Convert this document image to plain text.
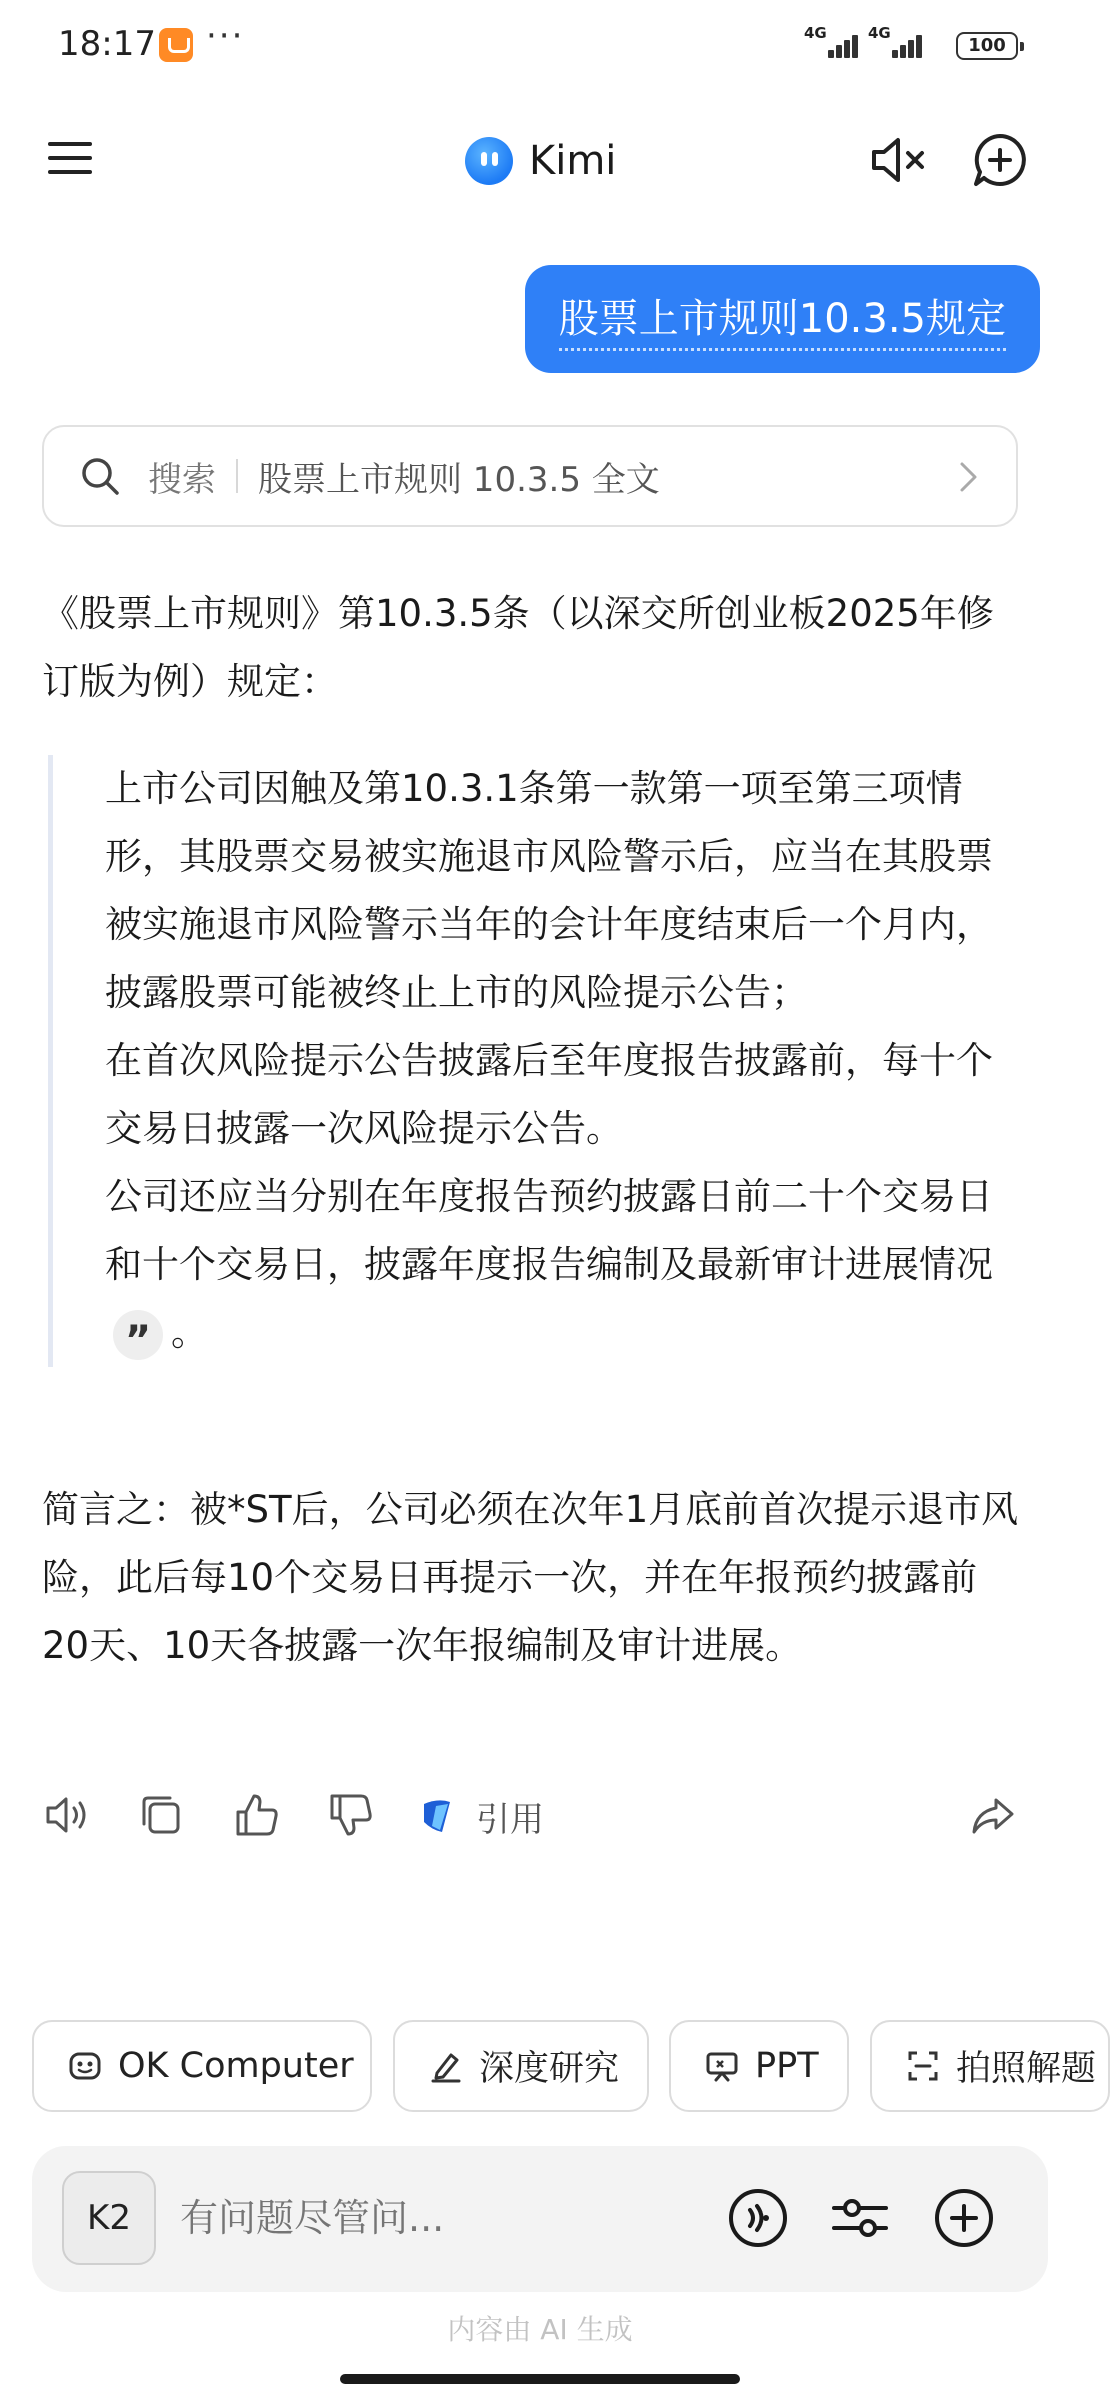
18:17 ···	4G	4G
100
Kimi
股票上市规则10.3.5规定
搜索 股票上市规则 10.3.5 全文
《股票上市规则》第10.3.5条（以深交所创业板2025年修订版为例）规定：
上市公司因触及第10.3.1条第一款第一项至第三项情形，其股票交易被实施退市风险警示后，应当在其股票被实施退市风险警示当年的会计年度结束后一个月内，披露股票可能被终止上市的风险提示公告；
在首次风险提示公告披露后至年度报告披露前，每十个交易日披露一次风险提示公告。
公司还应当分别在年度报告预约披露日前二十个交易日和十个交易日，披露年度报告编制及最新审计进展情况” 。
简言之：被*ST后，公司必须在次年1月底前首次提示退市风险，此后每10个交易日再提示一次，并在年报预约披露前20天、10天各披露一次年报编制及审计进展。
引用
OK Computer	深度研究	PPT	拍照解题
K2
有问题尽管问...
内容由 AI 生成
